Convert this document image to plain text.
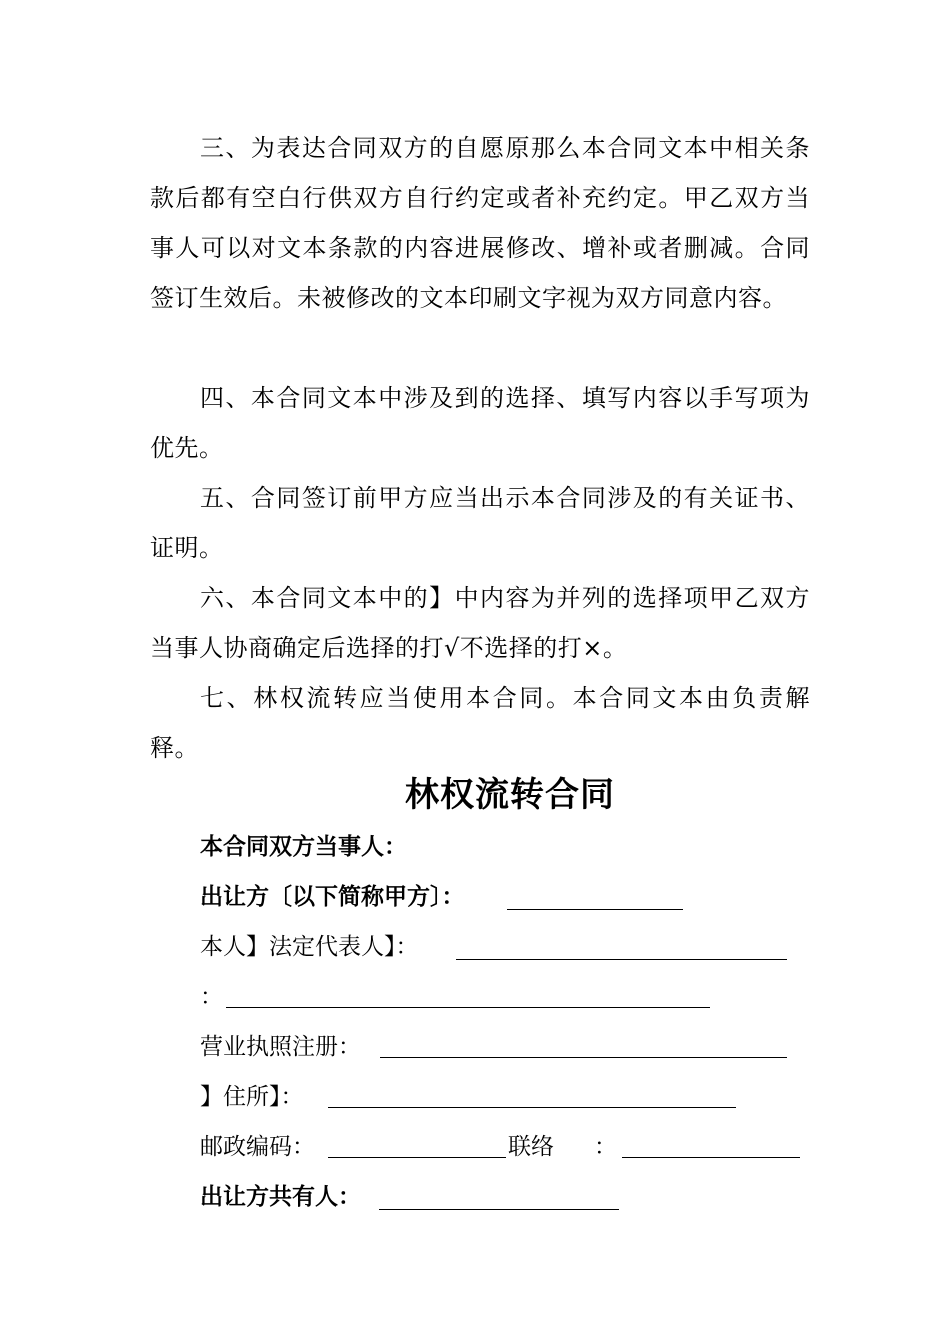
三、为表达合同双方的自愿原那么本合同文本中相关条款后都有空白行供双方自行约定或者补充约定。甲乙双方当事人可以对文本条款的内容进展修改、增补或者删减。合同签订生效后。未被修改的文本印刷文字视为双方同意内容。

四、本合同文本中涉及到的选择、填写内容以手写项为优先。

五、合同签订前甲方应当出示本合同涉及的有关证书、证明。

六、本合同文本中的】中内容为并列的选择项甲乙双方当事人协商确定后选择的打√不选择的打×。

七、林权流转应当使用本合同。本合同文本由负责解释。

林权流转合同
本合同双方当事人：
出让方〔以下简称甲方〕：
本人】法定代表人】：
：
营业执照注册：
】住所】：
邮政编码：	联络 ：
出让方共有人：
